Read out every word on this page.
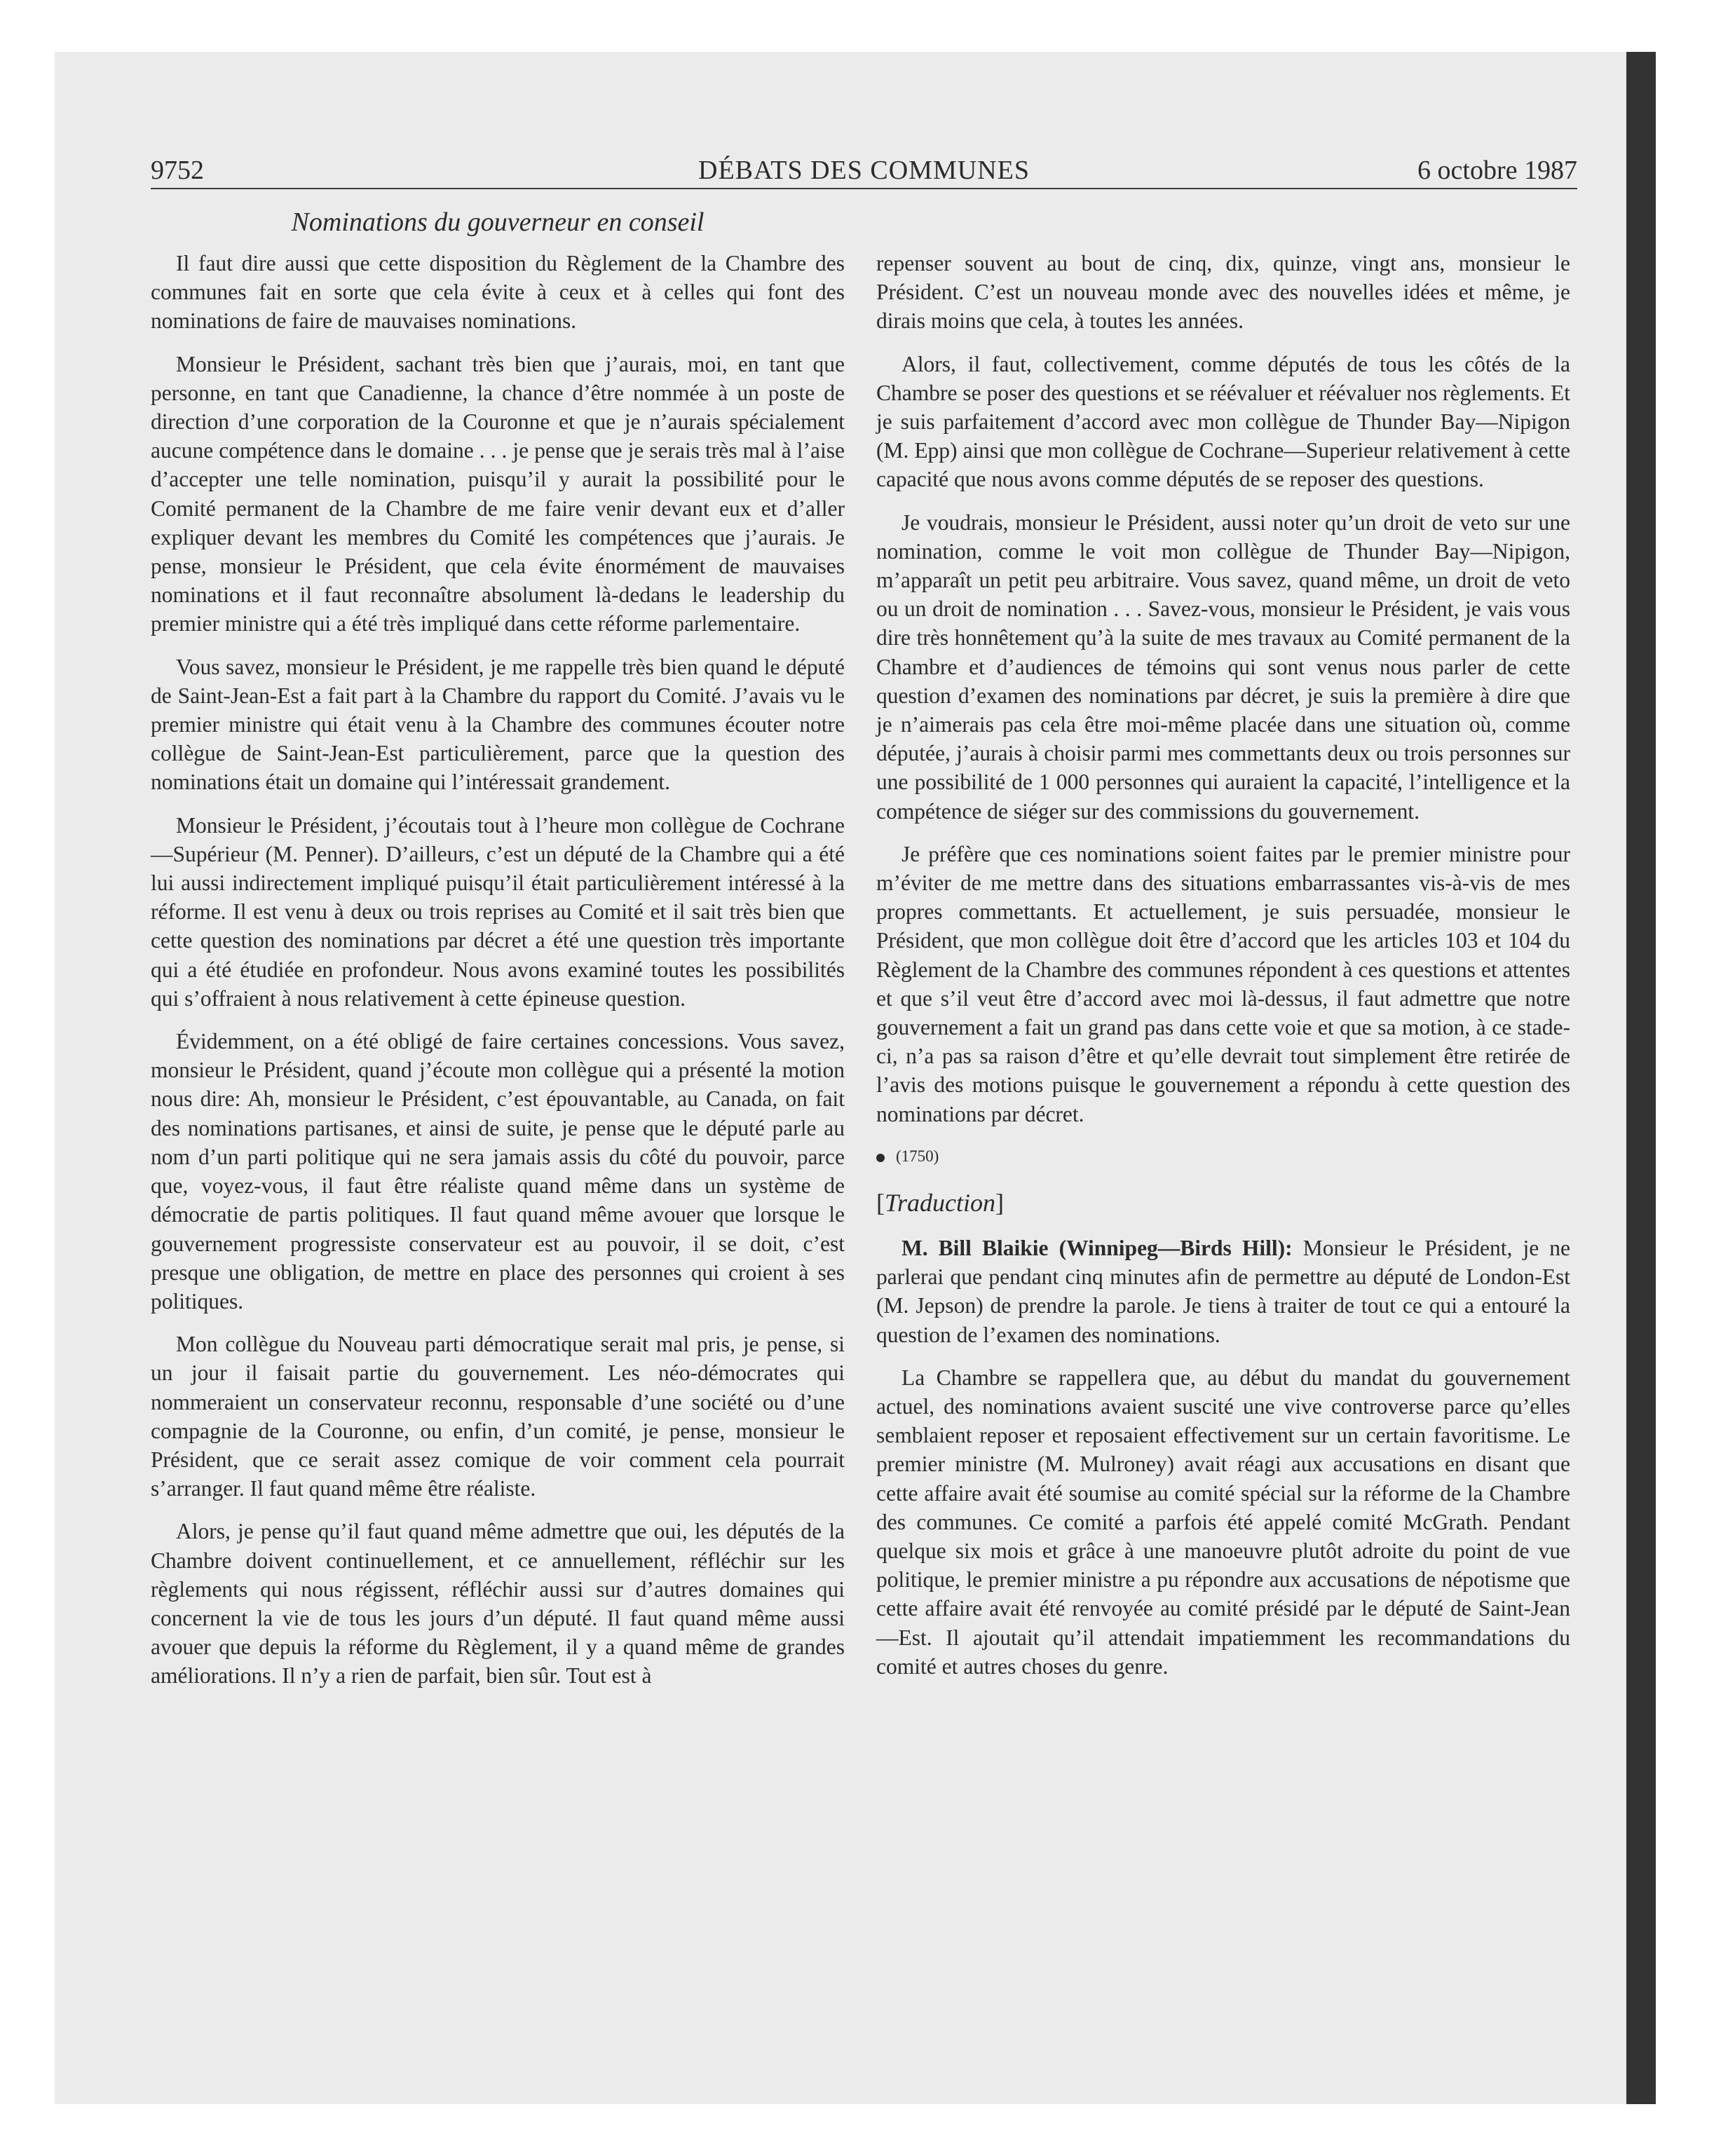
9752	DÉBATS DES COMMUNES	6 octobre 1987
Nominations du gouverneur en conseil

Il faut dire aussi que cette disposition du Règlement de la Chambre des communes fait en sorte que cela évite à ceux et à celles qui font des nominations de faire de mauvaises nominations.

Monsieur le Président, sachant très bien que j’aurais, moi, en tant que personne, en tant que Canadienne, la chance d’être nommée à un poste de direction d’une corporation de la Couronne et que je n’aurais spécialement aucune compétence dans le domaine . . . je pense que je serais très mal à l’aise d’accepter une telle nomination, puisqu’il y aurait la possibilité pour le Comité permanent de la Chambre de me faire venir devant eux et d’aller expliquer devant les membres du Comité les compétences que j’aurais. Je pense, monsieur le Président, que cela évite énormément de mauvaises nominations et il faut reconnaître absolument là-dedans le leadership du premier ministre qui a été très impliqué dans cette réforme parlementaire.

Vous savez, monsieur le Président, je me rappelle très bien quand le député de Saint-Jean-Est a fait part à la Chambre du rapport du Comité. J’avais vu le premier ministre qui était venu à la Chambre des communes écouter notre collègue de Saint-Jean-Est particulièrement, parce que la question des nominations était un domaine qui l’intéressait grandement.

Monsieur le Président, j’écoutais tout à l’heure mon collègue de Cochrane—Supérieur (M. Penner). D’ailleurs, c’est un député de la Chambre qui a été lui aussi indirectement impliqué puisqu’il était particulièrement intéressé à la réforme. Il est venu à deux ou trois reprises au Comité et il sait très bien que cette question des nominations par décret a été une question très importante qui a été étudiée en profondeur. Nous avons examiné toutes les possibilités qui s’offraient à nous relativement à cette épineuse question.

Évidemment, on a été obligé de faire certaines concessions. Vous savez, monsieur le Président, quand j’écoute mon collègue qui a présenté la motion nous dire: Ah, monsieur le Président, c’est épouvantable, au Canada, on fait des nominations partisanes, et ainsi de suite, je pense que le député parle au nom d’un parti politique qui ne sera jamais assis du côté du pouvoir, parce que, voyez-vous, il faut être réaliste quand même dans un système de démocratie de partis politiques. Il faut quand même avouer que lorsque le gouvernement progressiste conservateur est au pouvoir, il se doit, c’est presque une obligation, de mettre en place des personnes qui croient à ses politiques.

Mon collègue du Nouveau parti démocratique serait mal pris, je pense, si un jour il faisait partie du gouvernement. Les néo-démocrates qui nommeraient un conservateur reconnu, responsable d’une société ou d’une compagnie de la Couronne, ou enfin, d’un comité, je pense, monsieur le Président, que ce serait assez comique de voir comment cela pourrait s’arranger. Il faut quand même être réaliste.

Alors, je pense qu’il faut quand même admettre que oui, les députés de la Chambre doivent continuellement, et ce annuellement, réfléchir sur les règlements qui nous régissent, réfléchir aussi sur d’autres domaines qui concernent la vie de tous les jours d’un député. Il faut quand même aussi avouer que depuis la réforme du Règlement, il y a quand même de grandes améliorations. Il n’y a rien de parfait, bien sûr. Tout est à

repenser souvent au bout de cinq, dix, quinze, vingt ans, monsieur le Président. C’est un nouveau monde avec des nouvelles idées et même, je dirais moins que cela, à toutes les années.

Alors, il faut, collectivement, comme députés de tous les côtés de la Chambre se poser des questions et se réévaluer et réévaluer nos règlements. Et je suis parfaitement d’accord avec mon collègue de Thunder Bay—Nipigon (M. Epp) ainsi que mon collègue de Cochrane—Superieur relativement à cette capacité que nous avons comme députés de se reposer des questions.

Je voudrais, monsieur le Président, aussi noter qu’un droit de veto sur une nomination, comme le voit mon collègue de Thunder Bay—Nipigon, m’apparaît un petit peu arbitraire. Vous savez, quand même, un droit de veto ou un droit de nomination . . . Savez-vous, monsieur le Président, je vais vous dire très honnêtement qu’à la suite de mes travaux au Comité permanent de la Chambre et d’audiences de témoins qui sont venus nous parler de cette question d’examen des nominations par décret, je suis la première à dire que je n’aimerais pas cela être moi-même placée dans une situation où, comme députée, j’aurais à choisir parmi mes commettants deux ou trois personnes sur une possibilité de 1 000 personnes qui auraient la capacité, l’intelligence et la compétence de siéger sur des commissions du gouvernement.

Je préfère que ces nominations soient faites par le premier ministre pour m’éviter de me mettre dans des situations embarrassantes vis-à-vis de mes propres commettants. Et actuellement, je suis persuadée, monsieur le Président, que mon collègue doit être d’accord que les articles 103 et 104 du Règlement de la Chambre des communes répondent à ces questions et attentes et que s’il veut être d’accord avec moi là-dessus, il faut admettre que notre gouvernement a fait un grand pas dans cette voie et que sa motion, à ce stade-ci, n’a pas sa raison d’être et qu’elle devrait tout simplement être retirée de l’avis des motions puisque le gouvernement a répondu à cette question des nominations par décret.

(1750)
[Traduction]

M. Bill Blaikie (Winnipeg—Birds Hill): Monsieur le Président, je ne parlerai que pendant cinq minutes afin de permettre au député de London-Est (M. Jepson) de prendre la parole. Je tiens à traiter de tout ce qui a entouré la question de l’examen des nominations.

La Chambre se rappellera que, au début du mandat du gouvernement actuel, des nominations avaient suscité une vive controverse parce qu’elles semblaient reposer et reposaient effectivement sur un certain favoritisme. Le premier ministre (M. Mulroney) avait réagi aux accusations en disant que cette affaire avait été soumise au comité spécial sur la réforme de la Chambre des communes. Ce comité a parfois été appelé comité McGrath. Pendant quelque six mois et grâce à une manoeuvre plutôt adroite du point de vue politique, le premier ministre a pu répondre aux accusations de népotisme que cette affaire avait été renvoyée au comité présidé par le député de Saint-Jean—Est. Il ajoutait qu’il attendait impatiemment les recommandations du comité et autres choses du genre.
